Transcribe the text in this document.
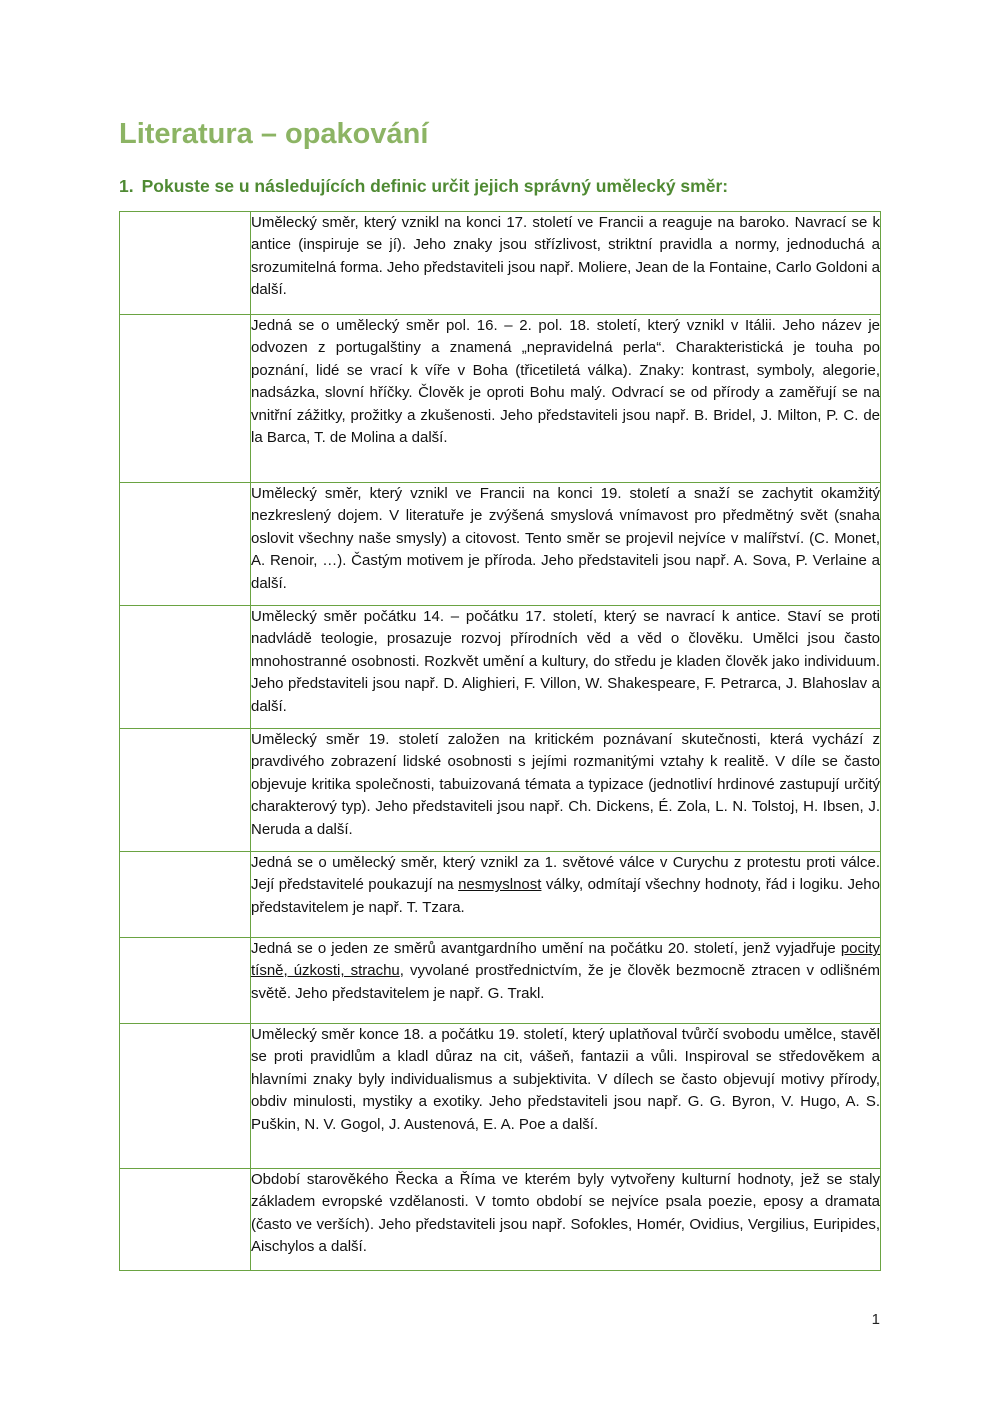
Literatura – opakování

1. Pokuste se u následujících definic určit jejich správný umělecký směr:

	Umělecký směr, který vznikl na konci 17. století ve Francii a reaguje na baroko. Navrací se k antice (inspiruje se jí). Jeho znaky jsou střízlivost, striktní pravidla a normy, jednoduchá a srozumitelná forma. Jeho představiteli jsou např. Moliere, Jean de la Fontaine, Carlo Goldoni a další.
	Jedná se o umělecký směr pol. 16. – 2. pol. 18. století, který vznikl v Itálii. Jeho název je odvozen z portugalštiny a znamená „nepravidelná perla“. Charakteristická je touha po poznání, lidé se vrací k víře v Boha (třicetiletá válka). Znaky: kontrast, symboly, alegorie, nadsázka, slovní hříčky. Člověk je oproti Bohu malý. Odvrací se od přírody a zaměřují se na vnitřní zážitky, prožitky a zkušenosti. Jeho představiteli jsou např. B. Bridel, J. Milton, P. C. de la Barca, T. de Molina a další.
	Umělecký směr, který vznikl ve Francii na konci 19. století a snaží se zachytit okamžitý nezkreslený dojem. V literatuře je zvýšená smyslová vnímavost pro předmětný svět (snaha oslovit všechny naše smysly) a citovost. Tento směr se projevil nejvíce v malířství. (C. Monet, A. Renoir, …). Častým motivem je příroda. Jeho představiteli jsou např. A. Sova, P. Verlaine a další.
	Umělecký směr počátku 14. – počátku 17. století, který se navrací k antice. Staví se proti nadvládě teologie, prosazuje rozvoj přírodních věd a věd o člověku. Umělci jsou často mnohostranné osobnosti. Rozkvět umění a kultury, do středu je kladen člověk jako individuum. Jeho představiteli jsou např. D. Alighieri, F. Villon, W. Shakespeare, F. Petrarca, J. Blahoslav a další.
	Umělecký směr 19. století založen na kritickém poznávaní skutečnosti, která vychází z pravdivého zobrazení lidské osobnosti s jejími rozmanitými vztahy k realitě. V díle se často objevuje kritika společnosti, tabuizovaná témata a typizace (jednotliví hrdinové zastupují určitý charakterový typ). Jeho představiteli jsou např. Ch. Dickens, É. Zola, L. N. Tolstoj, H. Ibsen, J. Neruda a další.
	Jedná se o umělecký směr, který vznikl za 1. světové válce v Curychu z protestu proti válce. Její představitelé poukazují na nesmyslnost války, odmítají všechny hodnoty, řád i logiku. Jeho představitelem je např. T. Tzara.
	Jedná se o jeden ze směrů avantgardního umění na počátku 20. století, jenž vyjadřuje pocity tísně, úzkosti, strachu, vyvolané prostřednictvím, že je člověk bezmocně ztracen v odlišném světě. Jeho představitelem je např. G. Trakl.
	Umělecký směr konce 18. a počátku 19. století, který uplatňoval tvůrčí svobodu umělce, stavěl se proti pravidlům a kladl důraz na cit, vášeň, fantazii a vůli. Inspiroval se středověkem a hlavními znaky byly individualismus a subjektivita. V dílech se často objevují motivy přírody, obdiv minulosti, mystiky a exotiky. Jeho představiteli jsou např. G. G. Byron, V. Hugo, A. S. Puškin, N. V. Gogol, J. Austenová, E. A. Poe a další.
	Období starověkého Řecka a Říma ve kterém byly vytvořeny kulturní hodnoty, jež se staly základem evropské vzdělanosti. V tomto období se nejvíce psala poezie, eposy a dramata (často ve verších). Jeho představiteli jsou např. Sofokles, Homér, Ovidius, Vergilius, Euripides, Aischylos a další.
1
